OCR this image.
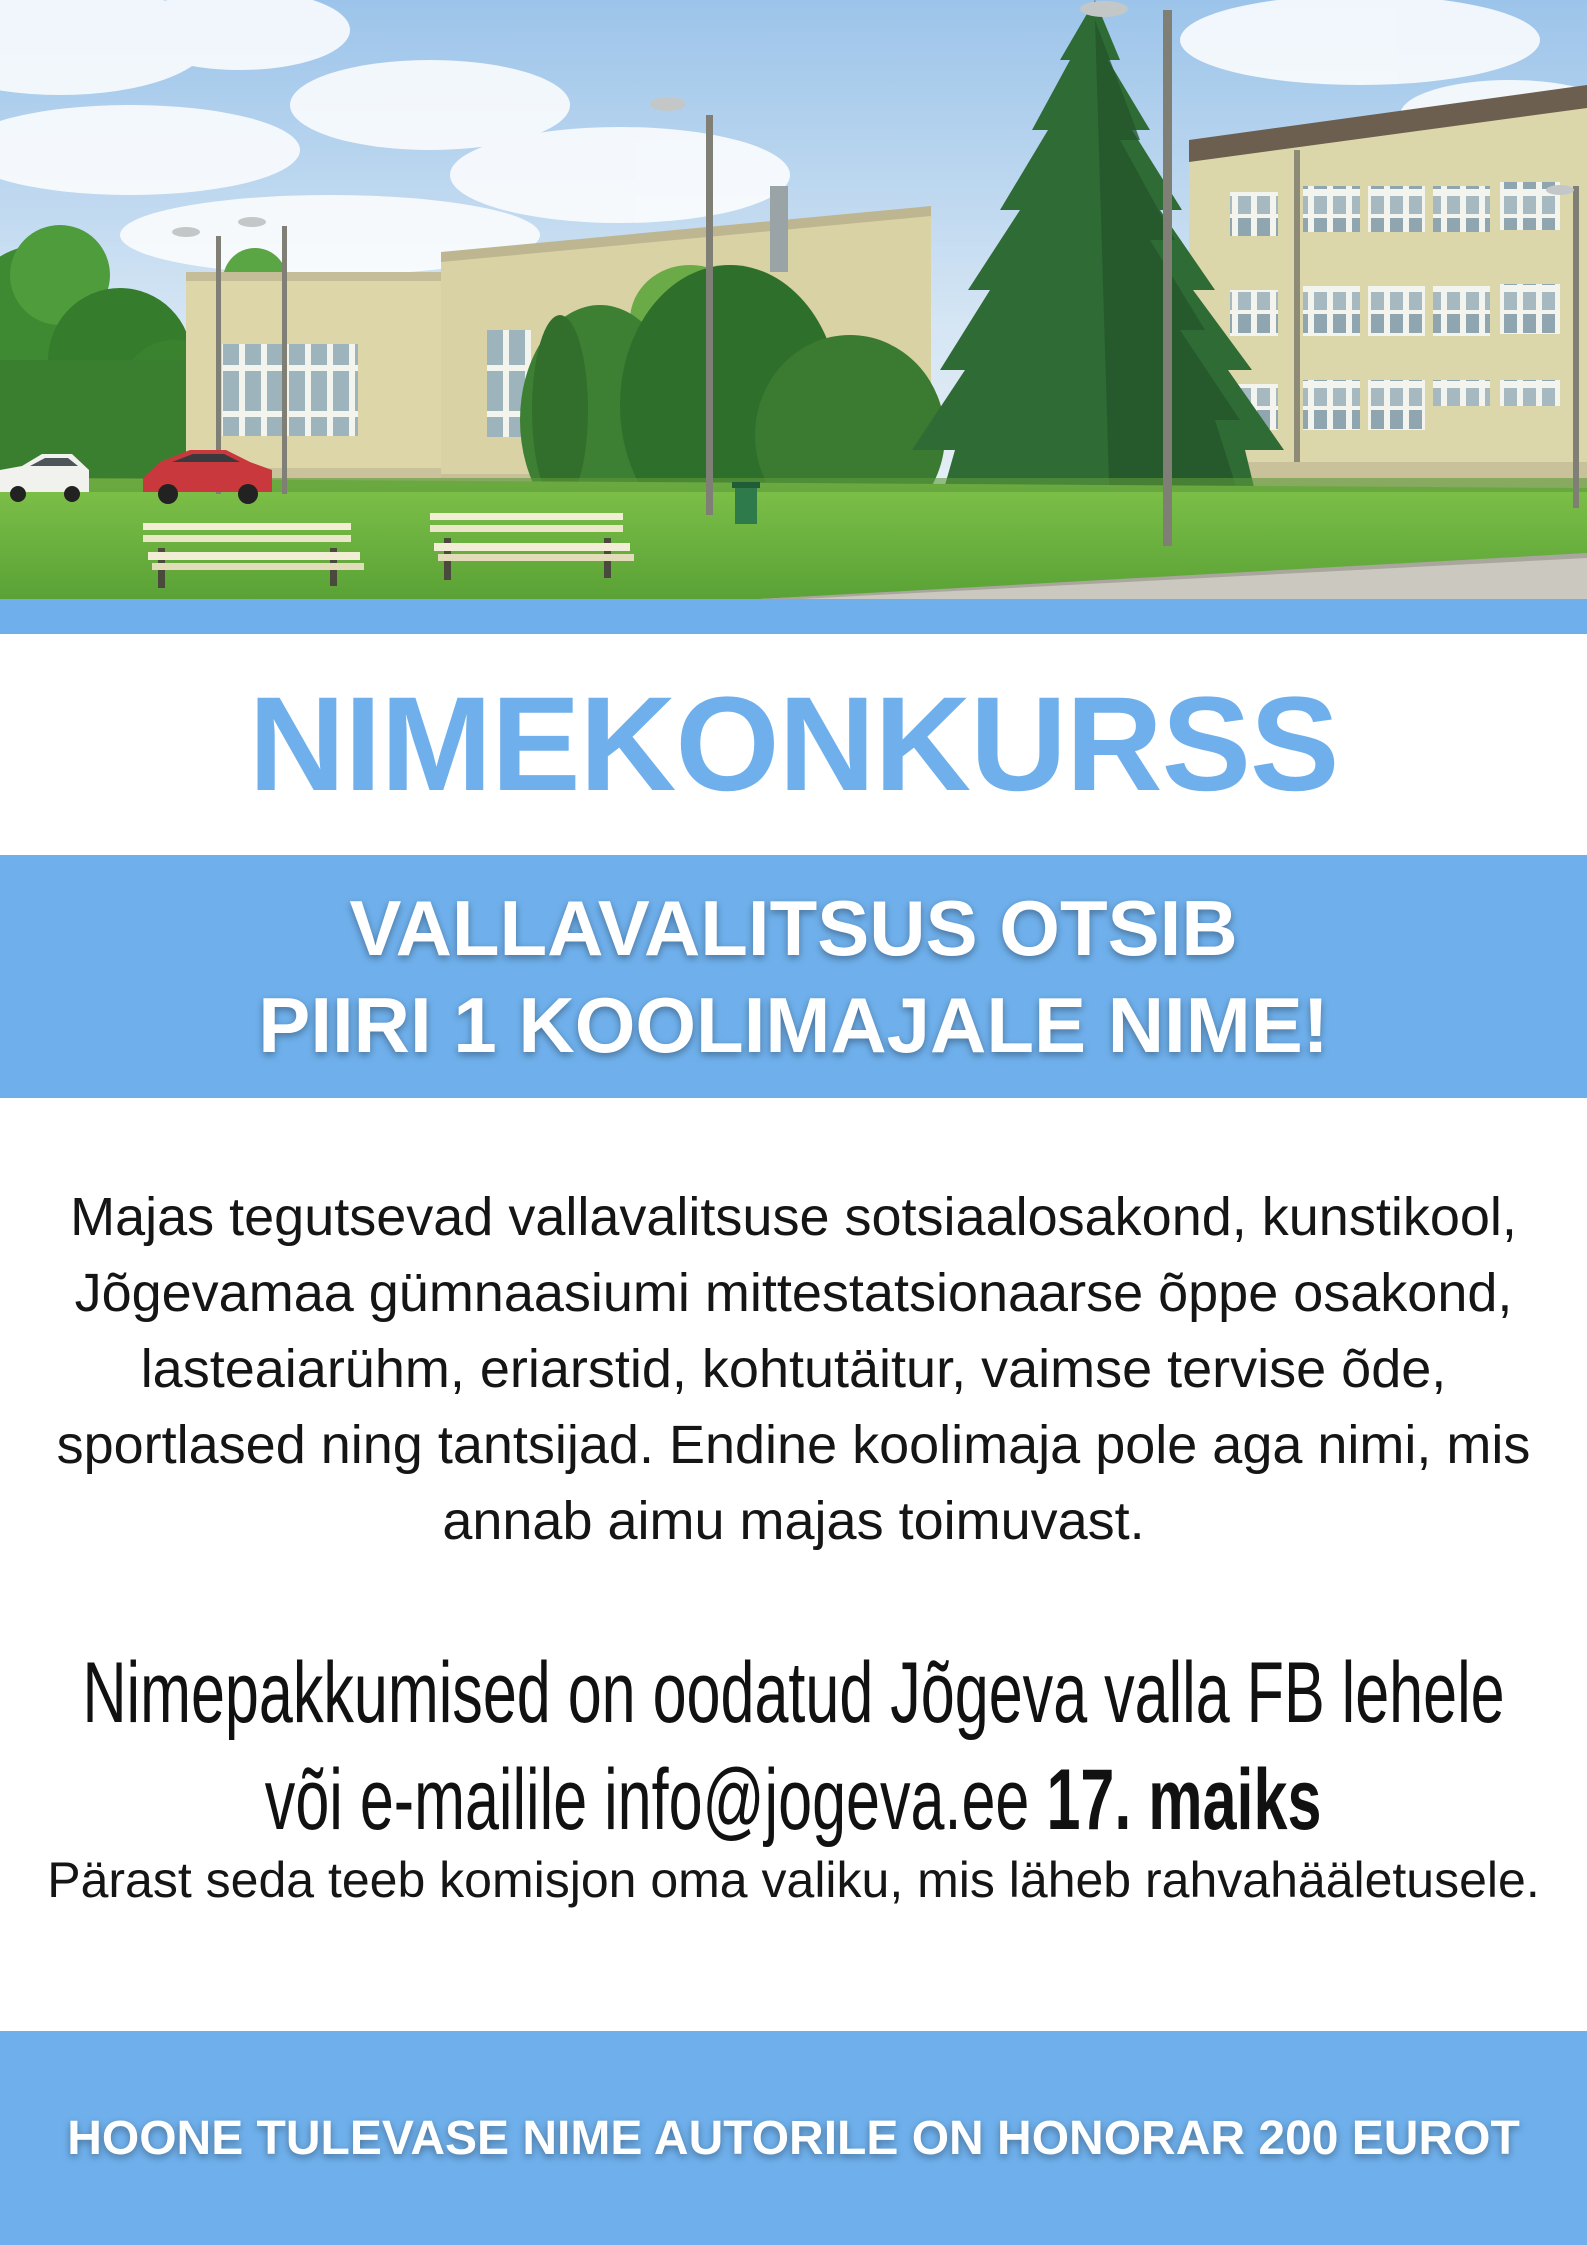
NIMEKONKURSS
VALLAVALITSUS OTSIB
PIIRI 1 KOOLIMAJALE NIME!
Majas tegutsevad vallavalitsuse sotsiaalosakond, kunstikool,
Jõgevamaa gümnaasiumi mittestatsionaarse õppe osakond,
lasteaiarühm, eriarstid, kohtutäitur, vaimse tervise õde,
sportlased ning tantsijad. Endine koolimaja pole aga nimi, mis
annab aimu majas toimuvast.
Nimepakkumised on oodatud Jõgeva valla FB lehele
või e-mailile info@jogeva.ee 17. maiks
Pärast seda teeb komisjon oma valiku, mis läheb rahvahääletusele.
HOONE TULEVASE NIME AUTORILE ON HONORAR 200 EUROT
